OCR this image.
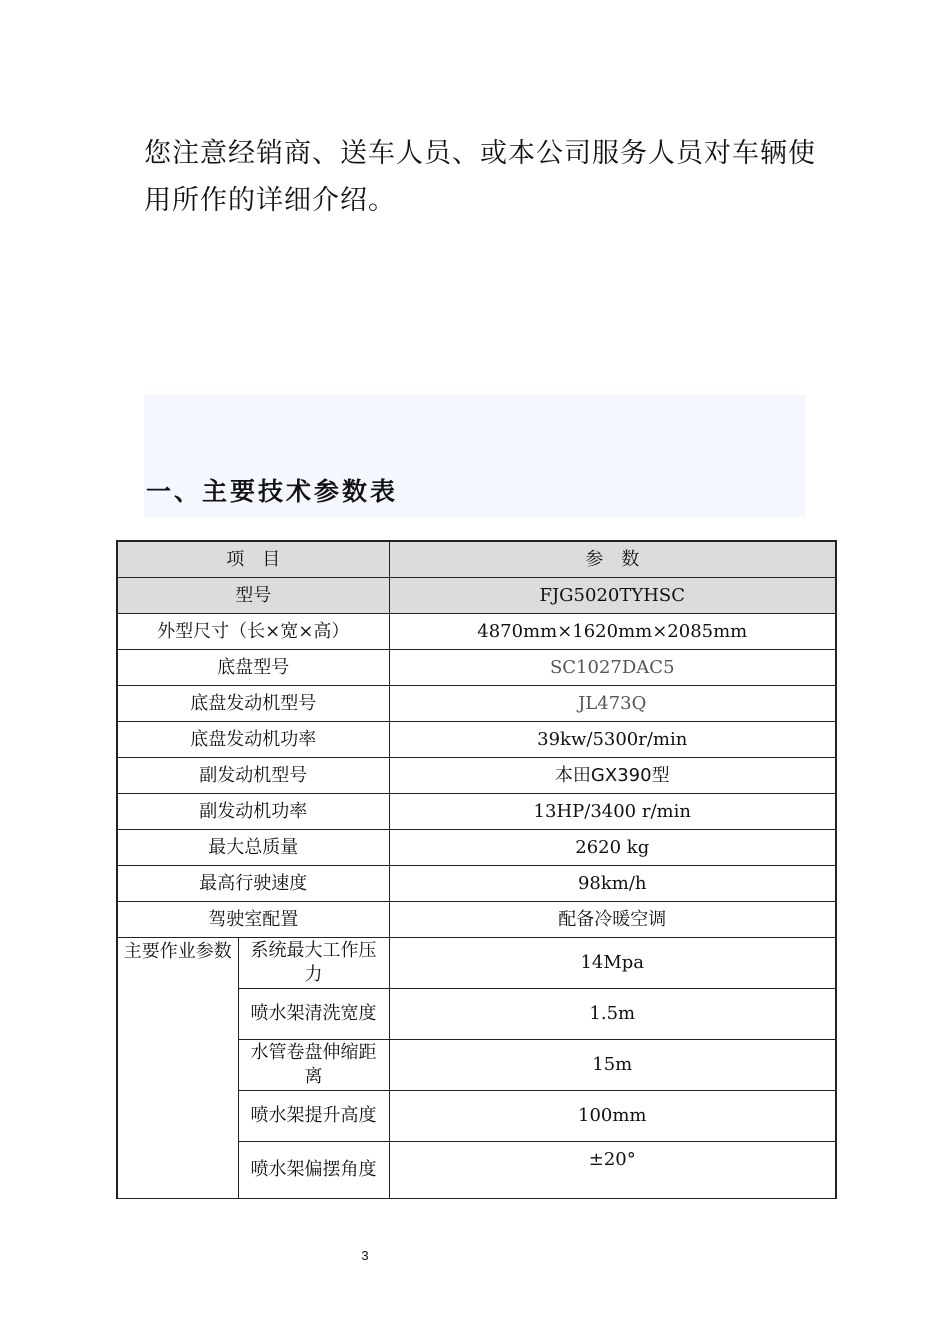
您注意经销商、送车人员、或本公司服务人员对车辆使用所作的详细介绍。

一、主要技术参数表
项　目		参　数
型号		FJG5020TYHSC
外型尺寸（长×宽×高）		4870mm×1620mm×2085mm
底盘型号		SC1027DAC5
底盘发动机型号		JL473Q
底盘发动机功率		39kw/5300r/min
副发动机型号		本田GX390型
副发动机功率		13HP/3400 r/min
最大总质量		2620 kg
最高行驶速度		98km/h
驾驶室配置		配备冷暖空调
主要作业参数	系统最大工作压力	14Mpa
	喷水架清洗宽度	1.5m
	水管卷盘伸缩距离	15m
	喷水架提升高度	100mm
	喷水架偏摆角度	±20°
3
